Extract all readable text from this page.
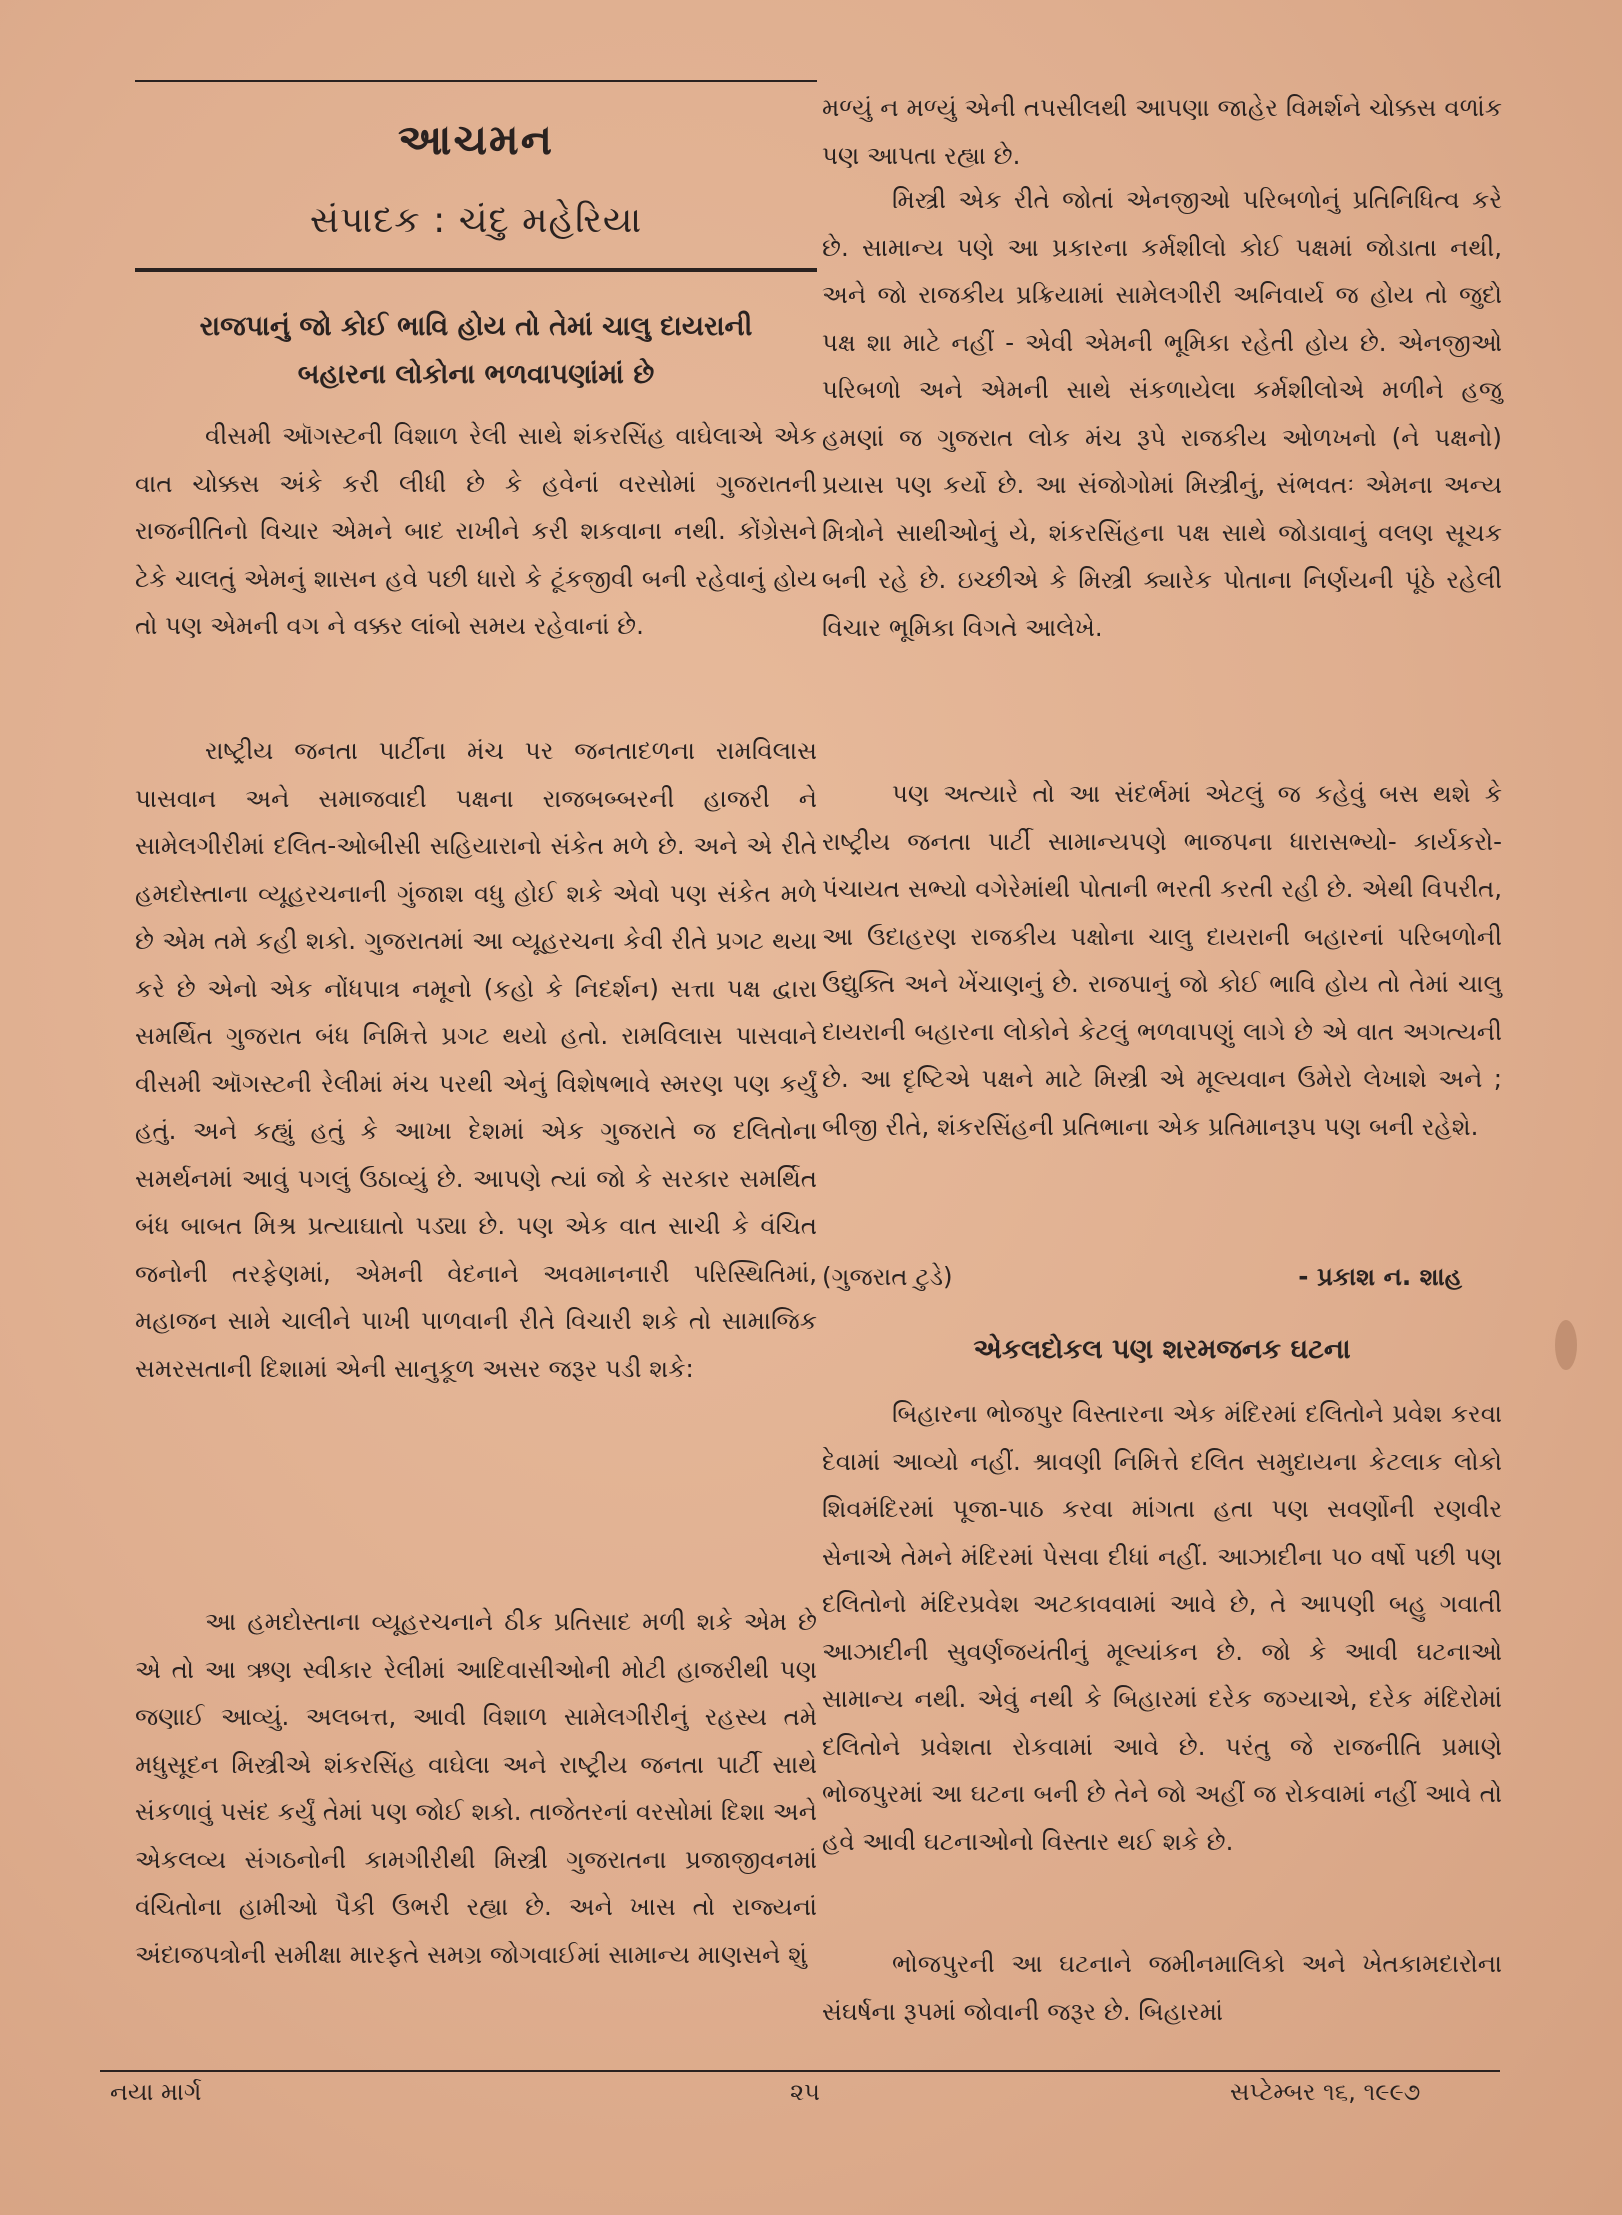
આચમન
સંપાદક : ચંદુ મહેરિયા
રાજપાનું જો કોઈ ભાવિ હોય તો તેમાં ચાલુ દાયરાની
બહારના લોકોના ભળવાપણાંમાં છે

વીસમી ઑગસ્ટની વિશાળ રેલી સાથે શંકરસિંહ વાઘેલાએ એક વાત ચોક્કસ અંકે કરી લીધી છે કે હવેનાં વરસોમાં ગુજરાતની રાજનીતિનો વિચાર એમને બાદ રાખીને કરી શકવાના નથી. કોંગ્રેસને ટેકે ચાલતું એમનું શાસન હવે પછી ધારો કે ટૂંકજીવી બની રહેવાનું હોય તો પણ એમની વગ ને વક્કર લાંબો સમય રહેવાનાં છે.

રાષ્ટ્રીય જનતા પાર્ટીના મંચ પર જનતાદળના રામવિલાસ પાસવાન અને સમાજવાદી પક્ષના રાજબબ્બરની હાજરી ને સામેલગીરીમાં દલિત-ઓબીસી સહિયારાનો સંકેત મળે છે. અને એ રીતે હમદોસ્તાના વ્યૂહરચનાની ગુંજાશ વધુ હોઈ શકે એવો પણ સંકેત મળે છે એમ તમે કહી શકો. ગુજરાતમાં આ વ્યૂહરચના કેવી રીતે પ્રગટ થયા કરે છે એનો એક નોંધપાત્ર નમૂનો (કહો કે નિદર્શન) સત્તા પક્ષ દ્વારા સમર્થિત ગુજરાત બંધ નિમિત્તે પ્રગટ થયો હતો. રામવિલાસ પાસવાને વીસમી ઑગસ્ટની રેલીમાં મંચ પરથી એનું વિશેષભાવે સ્મરણ પણ કર્યું હતું. અને કહ્યું હતું કે આખા દેશમાં એક ગુજરાતે જ દલિતોના સમર્થનમાં આવું પગલું ઉઠાવ્યું છે. આપણે ત્યાં જો કે સરકાર સમર્થિત બંધ બાબત મિશ્ર પ્રત્યાઘાતો પડ્યા છે. પણ એક વાત સાચી કે વંચિત જનોની તરફેણમાં, એમની વેદનાને અવમાનનારી પરિસ્થિતિમાં, મહાજન સામે ચાલીને પાખી પાળવાની રીતે વિચારી શકે તો સામાજિક સમરસતાની દિશામાં એની સાનુકૂળ અસર જરૂર પડી શકે:

આ હમદોસ્તાના વ્યૂહરચનાને ઠીક પ્રતિસાદ મળી શકે એમ છે એ તો આ ઋણ સ્વીકાર રેલીમાં આદિવાસીઓની મોટી હાજરીથી પણ જણાઈ આવ્યું. અલબત્ત, આવી વિશાળ સામેલગીરીનું રહસ્ય તમે મધુસૂદન મિસ્ત્રીએ શંકરસિંહ વાઘેલા અને રાષ્ટ્રીય જનતા પાર્ટી સાથે સંકળાવું પસંદ કર્યું તેમાં પણ જોઈ શકો. તાજેતરનાં વરસોમાં દિશા અને એકલવ્ય સંગઠનોની કામગીરીથી મિસ્ત્રી ગુજરાતના પ્રજાજીવનમાં વંચિતોના હામીઓ પૈકી ઉભરી રહ્યા છે. અને ખાસ તો રાજ્યનાં અંદાજપત્રોની સમીક્ષા મારફતે સમગ્ર જોગવાઈમાં સામાન્ય માણસને શું

મળ્યું ન મળ્યું એની તપસીલથી આપણા જાહેર વિમર્શને ચોક્કસ વળાંક પણ આપતા રહ્યા છે.

મિસ્ત્રી એક રીતે જોતાં એનજીઓ પરિબળોનું પ્રતિનિધિત્વ કરે છે. સામાન્ય પણે આ પ્રકારના કર્મશીલો કોઈ પક્ષમાં જોડાતા નથી, અને જો રાજકીય પ્રક્રિયામાં સામેલગીરી અનિવાર્ય જ હોય તો જુદો પક્ષ શા માટે નહીં - એવી એમની ભૂમિકા રહેતી હોય છે. એનજીઓ પરિબળો અને એમની સાથે સંકળાયેલા કર્મશીલોએ મળીને હજુ હમણાં જ ગુજરાત લોક મંચ રૂપે રાજકીય ઓળખનો (ને પક્ષનો) પ્રયાસ પણ કર્યો છે. આ સંજોગોમાં મિસ્ત્રીનું, સંભવતઃ એમના અન્ય મિત્રોને સાથીઓનું યે, શંકરસિંહના પક્ષ સાથે જોડાવાનું વલણ સૂચક બની રહે છે. ઇચ્છીએ કે મિસ્ત્રી ક્યારેક પોતાના નિર્ણયની પૂંઠે રહેલી વિચાર ભૂમિકા વિગતે આલેખે.

પણ અત્યારે તો આ સંદર્ભમાં એટલું જ કહેવું બસ થશે કે રાષ્ટ્રીય જનતા પાર્ટી સામાન્યપણે ભાજપના ધારાસભ્યો- કાર્યકરો- પંચાયત સભ્યો વગેરેમાંથી પોતાની ભરતી કરતી રહી છે. એથી વિપરીત, આ ઉદાહરણ રાજકીય પક્ષોના ચાલુ દાયરાની બહારનાં પરિબળોની ઉદ્યુક્તિ અને ખેંચાણનું છે. રાજપાનું જો કોઈ ભાવિ હોય તો તેમાં ચાલુ દાયરાની બહારના લોકોને કેટલું ભળવાપણું લાગે છે એ વાત અગત્યની છે. આ દૃષ્ટિએ પક્ષને માટે મિસ્ત્રી એ મૂલ્યવાન ઉમેરો લેખાશે અને ; બીજી રીતે, શંકરસિંહની પ્રતિભાના એક પ્રતિમાનરૂપ પણ બની રહેશે.

(ગુજરાત ટુડે)	- પ્રકાશ ન. શાહ
એકલદોકલ પણ શરમજનક ઘટના

બિહારના ભોજપુર વિસ્તારના એક મંદિરમાં દલિતોને પ્રવેશ કરવા દેવામાં આવ્યો નહીં. શ્રાવણી નિમિત્તે દલિત સમુદાયના કેટલાક લોકો શિવમંદિરમાં પૂજા-પાઠ કરવા માંગતા હતા પણ સવર્ણોની રણવીર સેનાએ તેમને મંદિરમાં પેસવા દીધાં નહીં. આઝાદીના ૫૦ વર્ષો પછી પણ દલિતોનો મંદિરપ્રવેશ અટકાવવામાં આવે છે, તે આપણી બહુ ગવાતી આઝાદીની સુવર્ણજયંતીનું મૂલ્યાંકન છે. જો કે આવી ઘટનાઓ સામાન્ય નથી. એવું નથી કે બિહારમાં દરેક જગ્યાએ, દરેક મંદિરોમાં દલિતોને પ્રવેશતા રોકવામાં આવે છે. પરંતુ જે રાજનીતિ પ્રમાણે ભોજપુરમાં આ ઘટના બની છે તેને જો અહીં જ રોકવામાં નહીં આવે તો હવે આવી ઘટનાઓનો વિસ્તાર થઈ શકે છે.

ભોજપુરની આ ઘટનાને જમીનમાલિકો અને ખેતકામદારોના સંઘર્ષના રૂપમાં જોવાની જરૂર છે. બિહારમાં

નયા માર્ગ	૨૫	સપ્ટેમ્બર ૧૬, ૧૯૯૭
